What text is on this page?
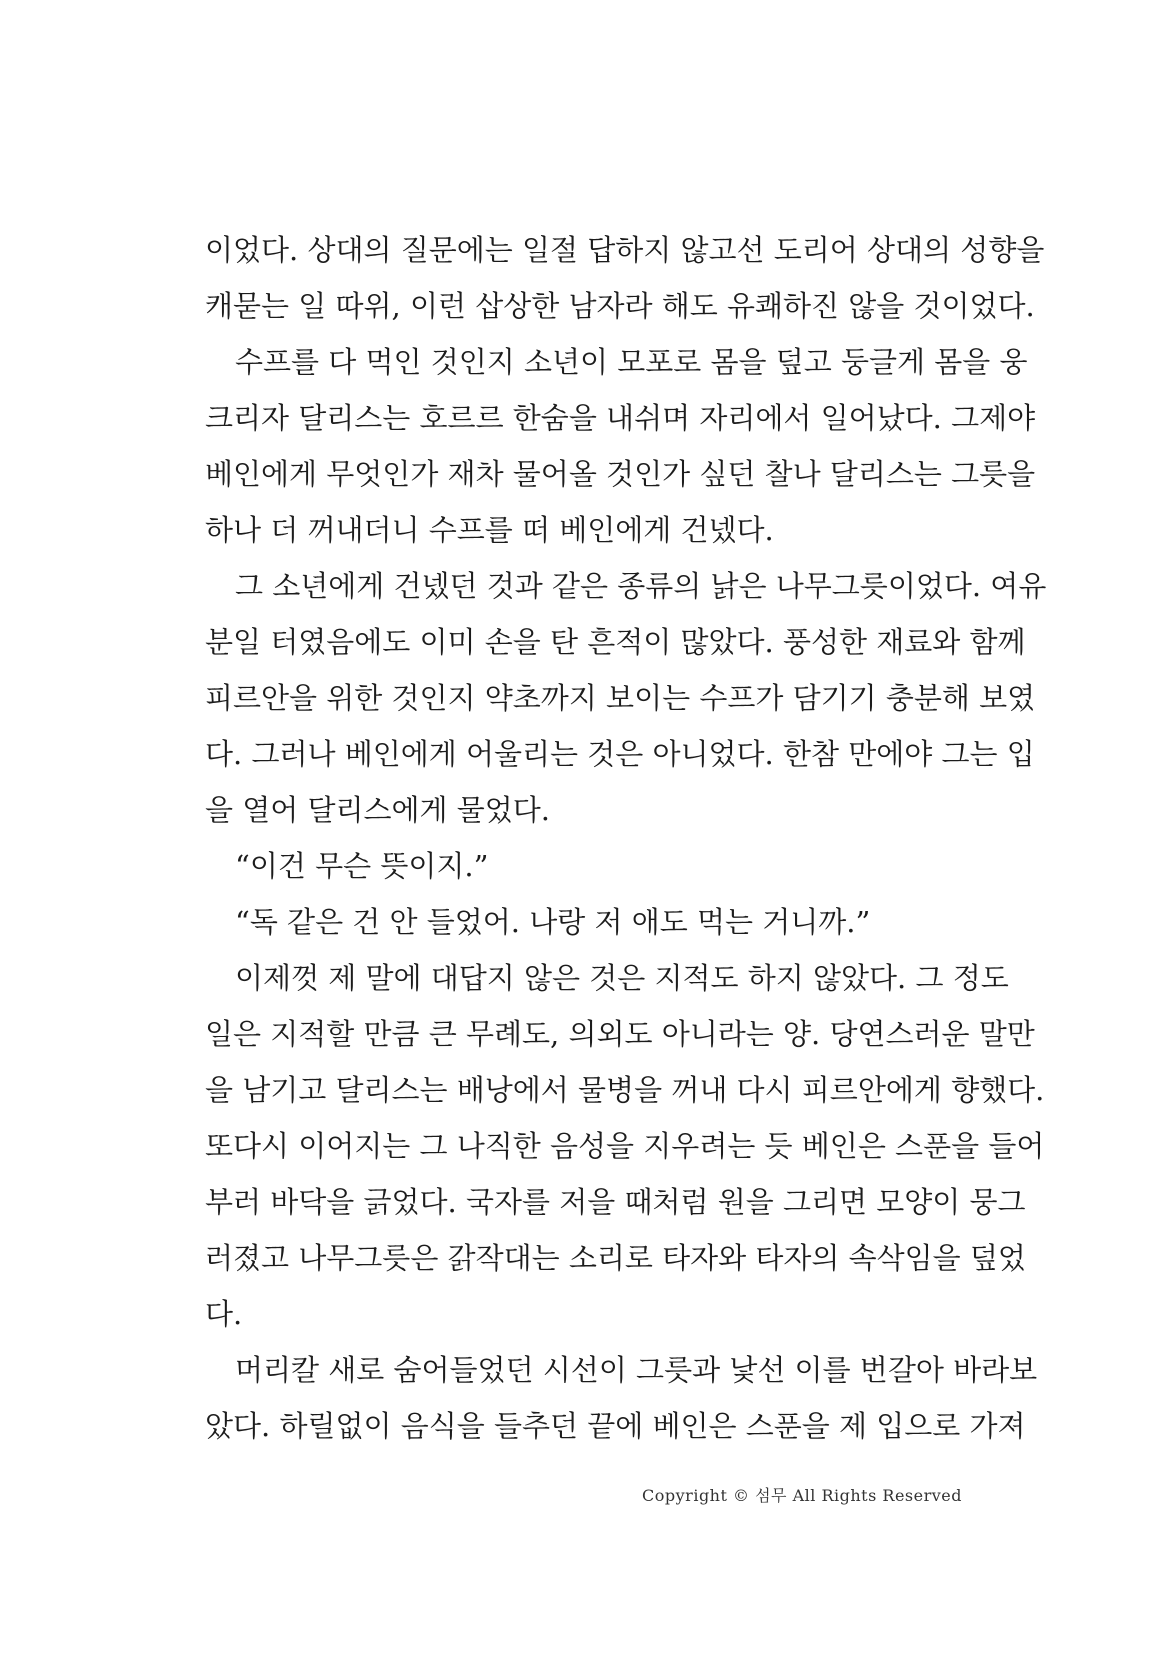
이었다. 상대의 질문에는 일절 답하지 않고선 도리어 상대의 성향을
캐묻는 일 따위, 이런 삽상한 남자라 해도 유쾌하진 않을 것이었다.
수프를 다 먹인 것인지 소년이 모포로 몸을 덮고 둥글게 몸을 웅
크리자 달리스는 호르르 한숨을 내쉬며 자리에서 일어났다. 그제야
베인에게 무엇인가 재차 물어올 것인가 싶던 찰나 달리스는 그릇을
하나 더 꺼내더니 수프를 떠 베인에게 건넸다.
그 소년에게 건넸던 것과 같은 종류의 낡은 나무그릇이었다. 여유
분일 터였음에도 이미 손을 탄 흔적이 많았다. 풍성한 재료와 함께
피르안을 위한 것인지 약초까지 보이는 수프가 담기기 충분해 보였
다. 그러나 베인에게 어울리는 것은 아니었다. 한참 만에야 그는 입
을 열어 달리스에게 물었다.
“이건 무슨 뜻이지.”
“독 같은 건 안 들었어. 나랑 저 애도 먹는 거니까.”
이제껏 제 말에 대답지 않은 것은 지적도 하지 않았다. 그 정도
일은 지적할 만큼 큰 무례도, 의외도 아니라는 양. 당연스러운 말만
을 남기고 달리스는 배낭에서 물병을 꺼내 다시 피르안에게 향했다.
또다시 이어지는 그 나직한 음성을 지우려는 듯 베인은 스푼을 들어
부러 바닥을 긁었다. 국자를 저을 때처럼 원을 그리면 모양이 뭉그
러졌고 나무그릇은 갉작대는 소리로 타자와 타자의 속삭임을 덮었
다.
머리칼 새로 숨어들었던 시선이 그릇과 낯선 이를 번갈아 바라보
았다. 하릴없이 음식을 들추던 끝에 베인은 스푼을 제 입으로 가져
Copyright © 섬무 All Rights Reserved
